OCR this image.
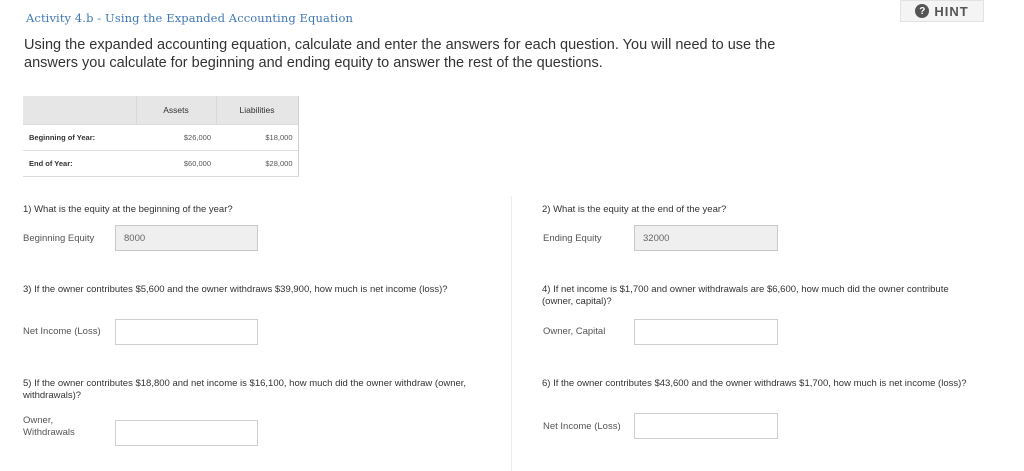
Activity 4.b - Using the Expanded Accounting Equation	? HINT
Using the expanded accounting equation, calculate and enter the answers for each question. You will need to use the answers you calculate for beginning and ending equity to answer the rest of the questions.
	Assets	Liabilities
Beginning of Year:	$26,000	$18,000
End of Year:	$60,000	$28,000
1) What is the equity at the beginning of the year?
Beginning Equity
8000
2) What is the equity at the end of the year?
Ending Equity
32000
3) If the owner contributes $5,600 and the owner withdraws $39,900, how much is net income (loss)?
Net Income (Loss)
4) If net income is $1,700 and owner withdrawals are $6,600, how much did the owner contribute (owner, capital)?
Owner, Capital
5) If the owner contributes $18,800 and net income is $16,100, how much did the owner withdraw (owner, withdrawals)?
Owner, Withdrawals
6) If the owner contributes $43,600 and the owner withdraws $1,700, how much is net income (loss)?
Net Income (Loss)
